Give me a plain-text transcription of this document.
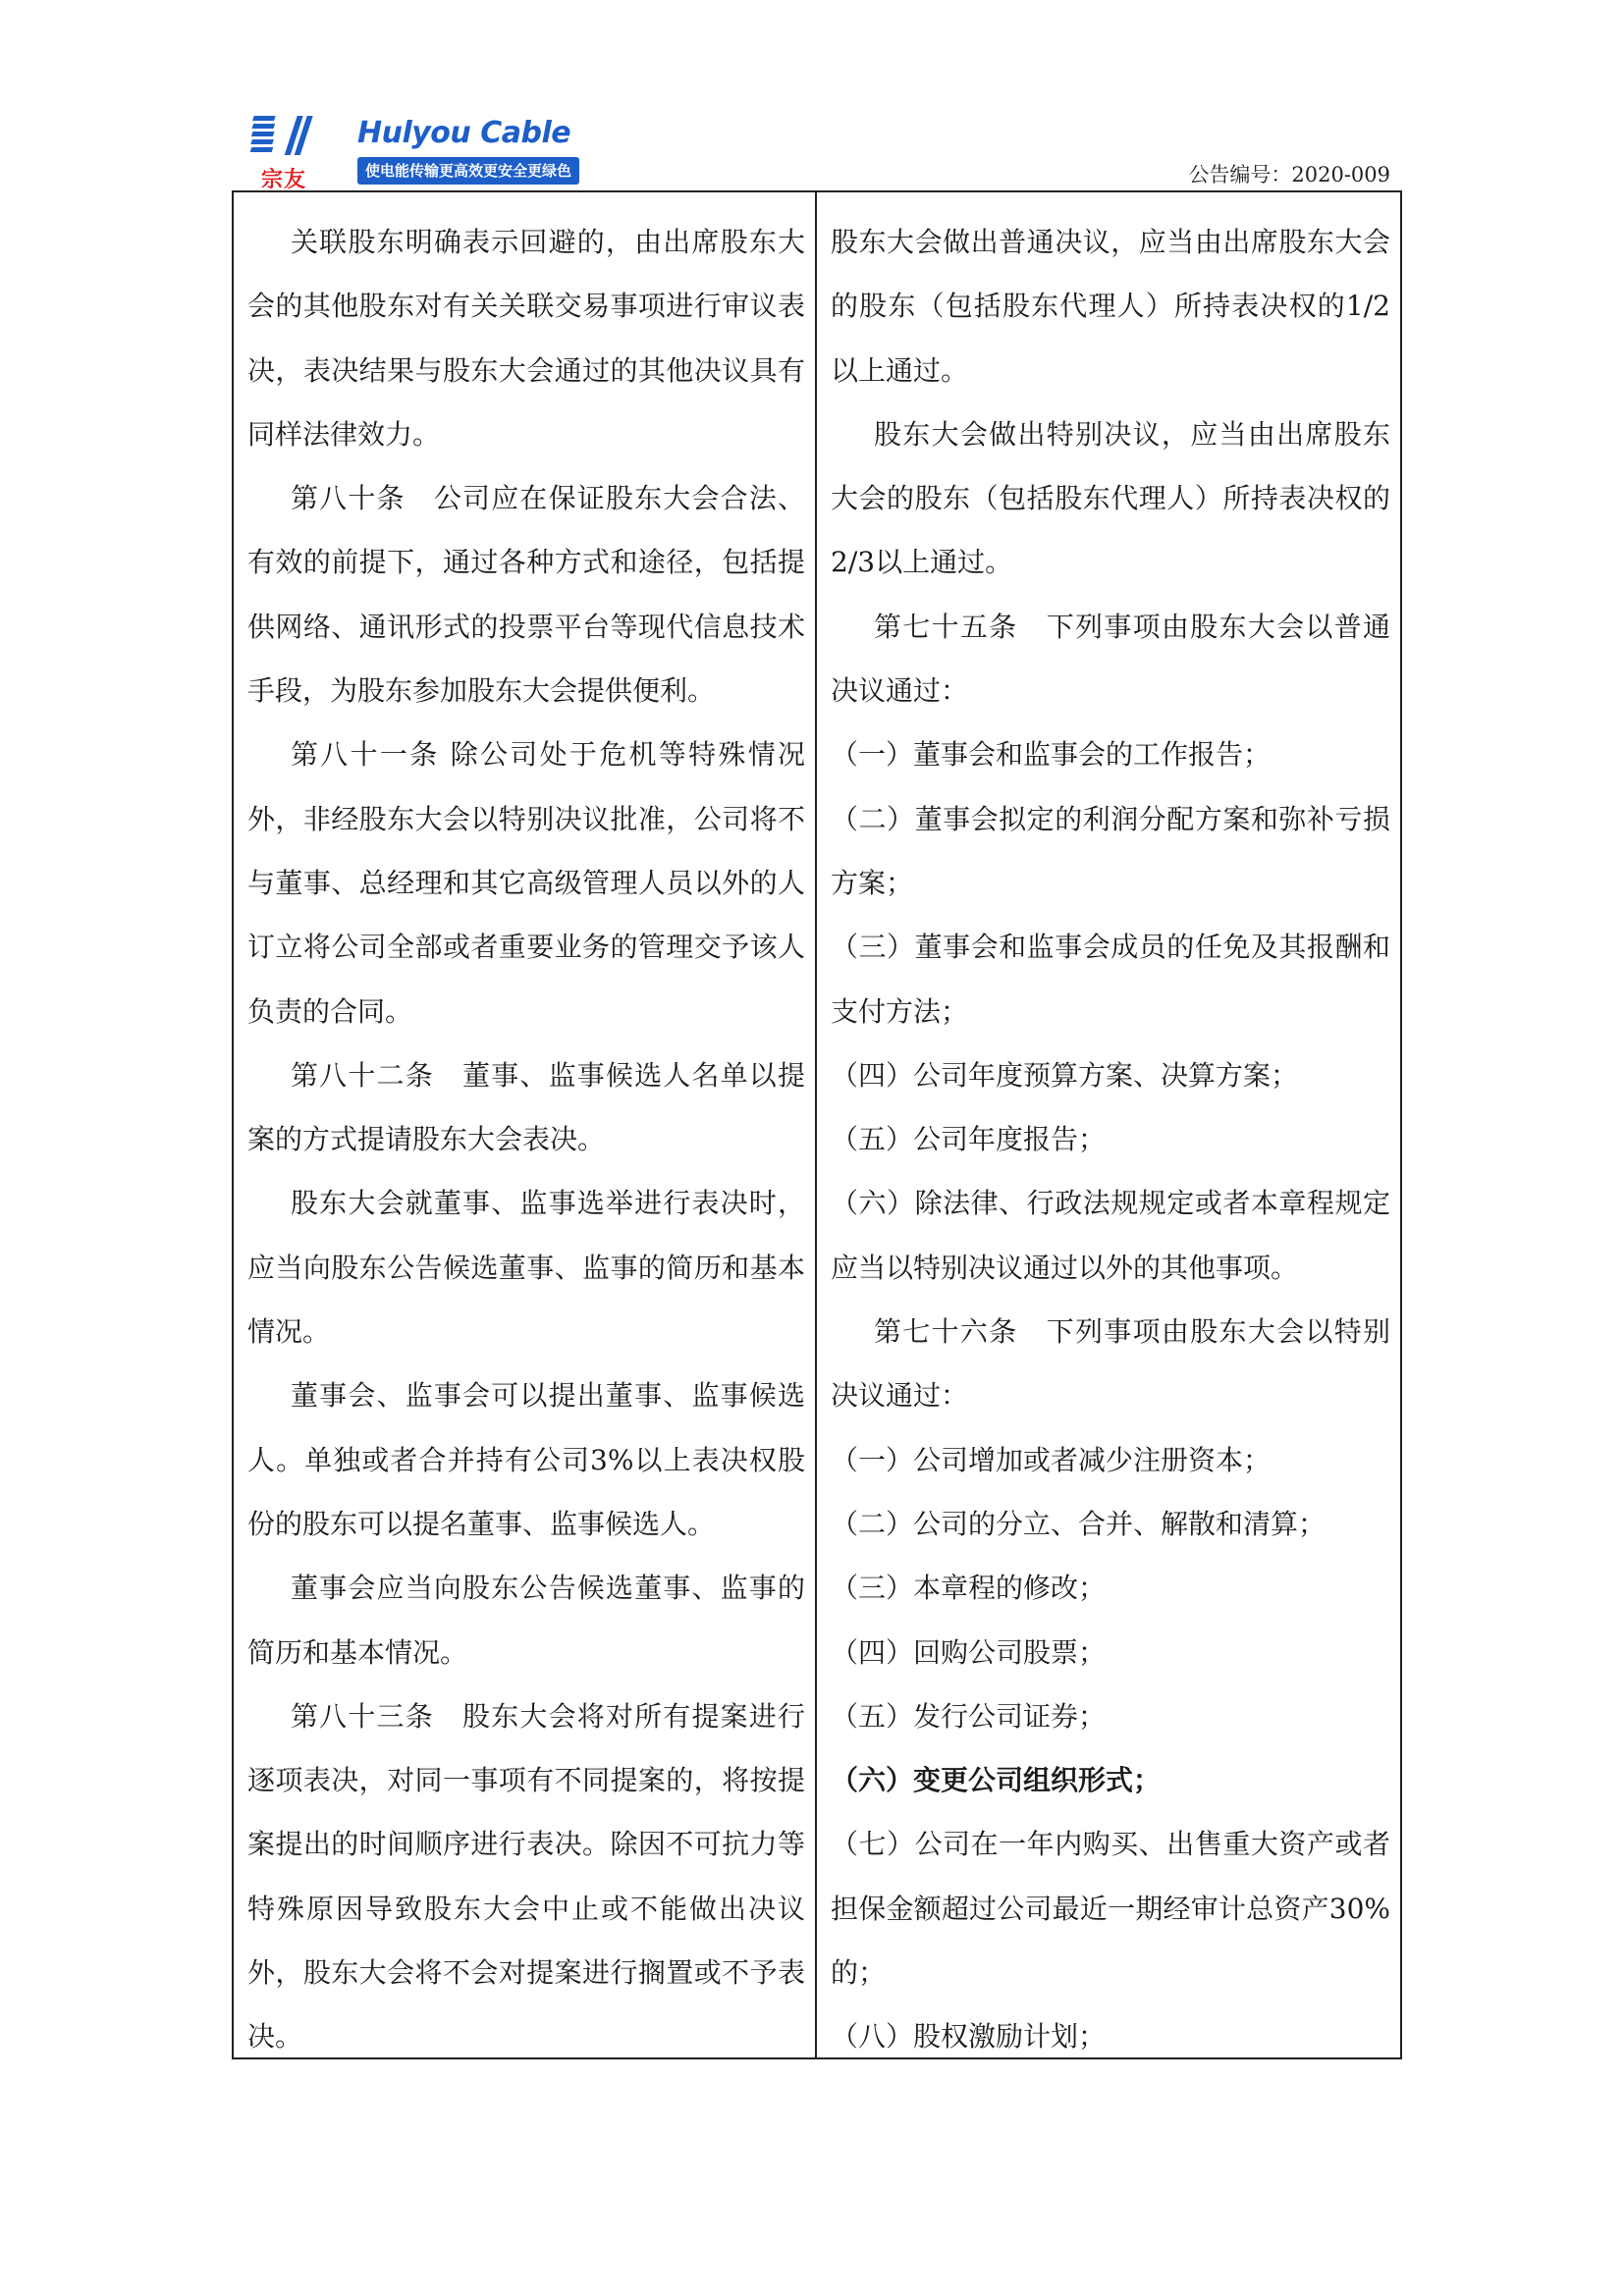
宗友
Hulyou Cable
使电能传输更高效更安全更绿色	公告编号：2020-009

关联股东明确表示回避的，由出席股东大会的其他股东对有关关联交易事项进行审议表决，表决结果与股东大会通过的其他决议具有同样法律效力。

第八十条　公司应在保证股东大会合法、有效的前提下，通过各种方式和途径，包括提供网络、通讯形式的投票平台等现代信息技术手段，为股东参加股东大会提供便利。

第八十一条 除公司处于危机等特殊情况外，非经股东大会以特别决议批准，公司将不与董事、总经理和其它高级管理人员以外的人订立将公司全部或者重要业务的管理交予该人负责的合同。

第八十二条　董事、监事候选人名单以提案的方式提请股东大会表决。

股东大会就董事、监事选举进行表决时，应当向股东公告候选董事、监事的简历和基本情况。

董事会、监事会可以提出董事、监事候选人。单独或者合并持有公司3%以上表决权股份的股东可以提名董事、监事候选人。

董事会应当向股东公告候选董事、监事的简历和基本情况。

第八十三条　股东大会将对所有提案进行逐项表决，对同一事项有不同提案的，将按提案提出的时间顺序进行表决。除因不可抗力等特殊原因导致股东大会中止或不能做出决议外，股东大会将不会对提案进行搁置或不予表决。

股东大会做出普通决议，应当由出席股东大会的股东（包括股东代理人）所持表决权的1/2以上通过。

股东大会做出特别决议，应当由出席股东大会的股东（包括股东代理人）所持表决权的2/3以上通过。

第七十五条　下列事项由股东大会以普通决议通过：

（一）董事会和监事会的工作报告；

（二）董事会拟定的利润分配方案和弥补亏损方案；

（三）董事会和监事会成员的任免及其报酬和支付方法；

（四）公司年度预算方案、决算方案；

（五）公司年度报告；

（六）除法律、行政法规规定或者本章程规定应当以特别决议通过以外的其他事项。

第七十六条　下列事项由股东大会以特别决议通过：

（一）公司增加或者减少注册资本；

（二）公司的分立、合并、解散和清算；

（三）本章程的修改；

（四）回购公司股票；

（五）发行公司证券；

（六）变更公司组织形式；

（七）公司在一年内购买、出售重大资产或者担保金额超过公司最近一期经审计总资产30%的；

（八）股权激励计划；
